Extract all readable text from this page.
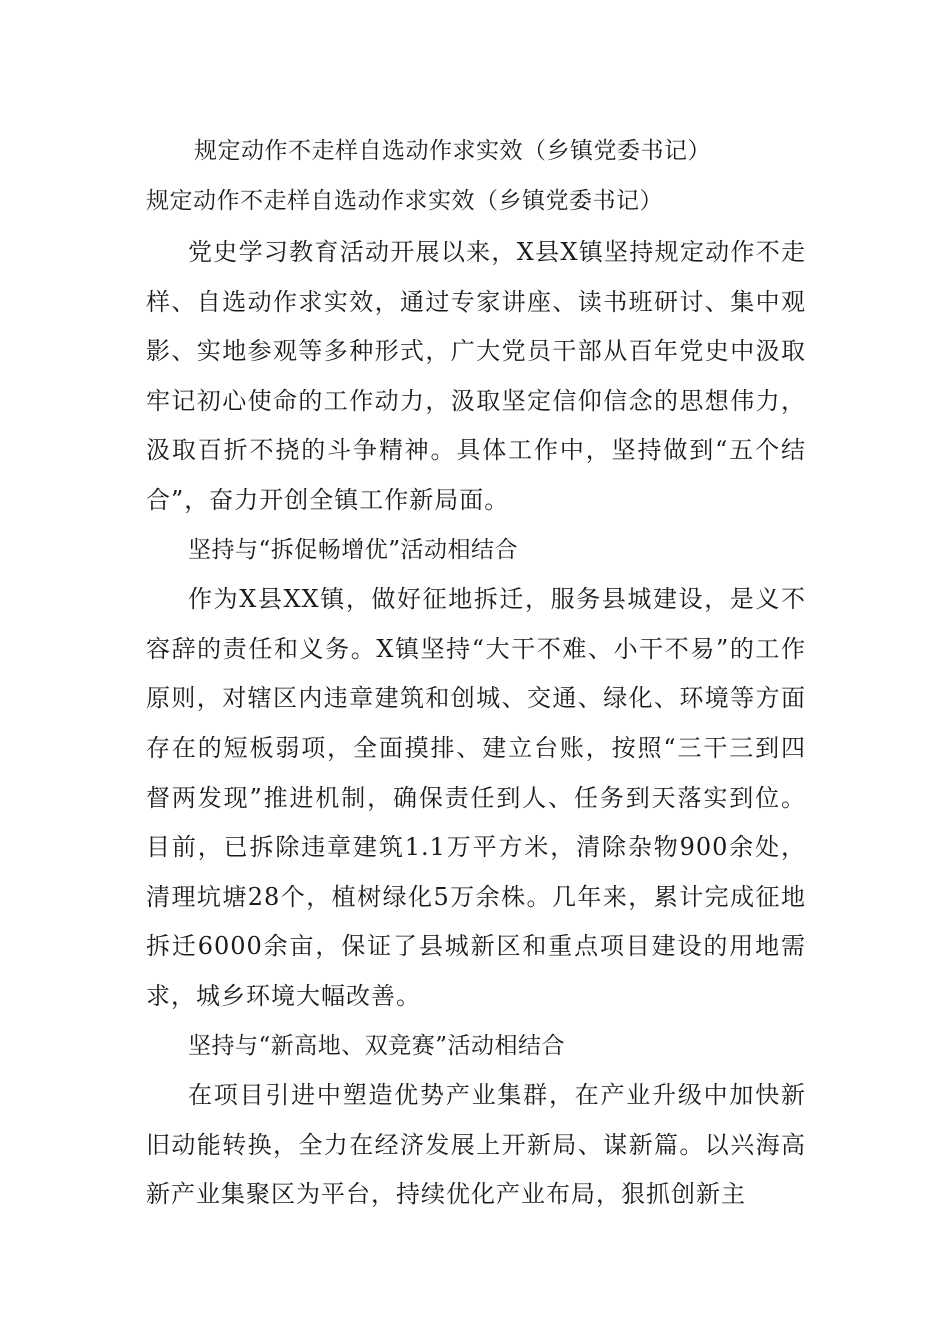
规定动作不走样自选动作求实效（乡镇党委书记）
规定动作不走样自选动作求实效（乡镇党委书记）

党史学习教育活动开展以来，X县X镇坚持规定动作不走样、自选动作求实效，通过专家讲座、读书班研讨、集中观影、实地参观等多种形式，广大党员干部从百年党史中汲取牢记初心使命的工作动力，汲取坚定信仰信念的思想伟力，汲取百折不挠的斗争精神。具体工作中，坚持做到“五个结合”，奋力开创全镇工作新局面。

坚持与“拆促畅增优”活动相结合

作为X县XX镇，做好征地拆迁，服务县城建设，是义不容辞的责任和义务。X镇坚持“大干不难、小干不易”的工作原则，对辖区内违章建筑和创城、交通、绿化、环境等方面存在的短板弱项，全面摸排、建立台账，按照“三干三到四督两发现”推进机制，确保责任到人、任务到天落实到位。目前，已拆除违章建筑1.1万平方米，清除杂物900余处，清理坑塘28个，植树绿化5万余株。几年来，累计完成征地拆迁6000余亩，保证了县城新区和重点项目建设的用地需求，城乡环境大幅改善。

坚持与“新高地、双竞赛”活动相结合

在项目引进中塑造优势产业集群，在产业升级中加快新旧动能转换，全力在经济发展上开新局、谋新篇。以兴海高新产业集聚区为平台，持续优化产业布局，狠抓创新主
